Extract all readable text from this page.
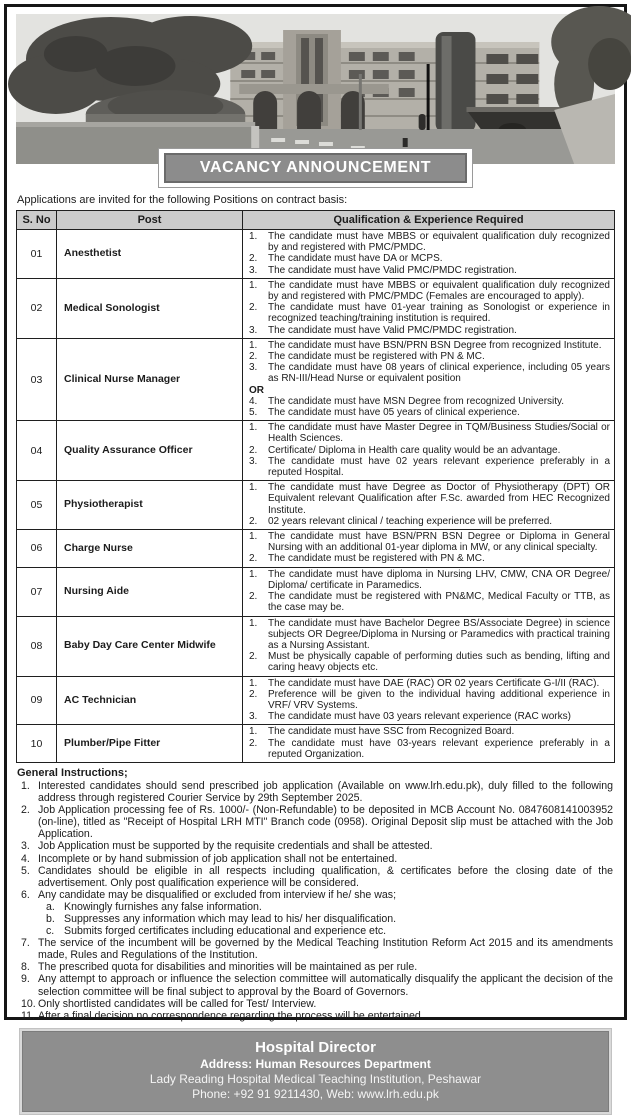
VACANCY ANNOUNCEMENT
Applications are invited for the following Positions on contract basis:
S. No	Post	Qualification & Experience Required
01	Anesthetist	
1.	The candidate must have MBBS or equivalent qualification duly recognized by and registered with PMC/PMDC.
2.	The candidate must have DA or MCPS.
3.	The candidate must have Valid PMC/PMDC registration.

02	Medical Sonologist	
1.	The candidate must have MBBS or equivalent qualification duly recognized by and registered with PMC/PMDC (Females are encouraged to apply).
2.	The candidate must have 01-year training as Sonologist or experience in recognized teaching/training institution is required.
3.	The candidate must have Valid PMC/PMDC registration.

03	Clinical Nurse Manager	
1.	The candidate must have BSN/PRN BSN Degree from recognized Institute.
2.	The candidate must be registered with PN & MC.
3.	The candidate must have 08 years of clinical experience, including 05 years as RN-III/Head Nurse or equivalent position
OR
4.	The candidate must have MSN Degree from recognized University.
5.	The candidate must have 05 years of clinical experience.

04	Quality Assurance Officer	
1.	The candidate must have Master Degree in TQM/Business Studies/Social or Health Sciences.
2.	Certificate/ Diploma in Health care quality would be an advantage.
3.	The candidate must have 02 years relevant experience preferably in a reputed Hospital.

05	Physiotherapist	1. The candidate must have Degree as Doctor of Physiotherapy (DPT) OR Equivalent relevant Qualification after F.Sc. awarded from HEC Recognized Institute.
2. 02 years relevant clinical / teaching experience will be preferred.

06	Charge Nurse	1. The candidate must have BSN/PRN BSN Degree or Diploma in General Nursing with an additional 01-year diploma in MW, or any clinical specialty.
2. The candidate must be registered with PN & MC.

07	Nursing Aide	1. The candidate must have diploma in Nursing LHV, CMW, CNA OR Degree/ Diploma/ certificate in Paramedics.
2. The candidate must be registered with PN&MC, Medical Faculty or TTB, as the case may be.

08	Baby Day Care Center Midwife	1. The candidate must have Bachelor Degree BS/Associate Degree) in science subjects OR Degree/Diploma in Nursing or Paramedics with practical training as a Nursing Assistant.
2. Must be physically capable of performing duties such as bending, lifting and caring heavy objects etc.

09	AC Technician	
1.	The candidate must have DAE (RAC) OR 02 years Certificate G-I/II (RAC).
2.	Preference will be given to the individual having additional experience in VRF/ VRV Systems.
3.	The candidate must have 03 years relevant experience (RAC works)

10	Plumber/Pipe Fitter	1. The candidate must have SSC from Recognized Board.
2. The candidate must have 03-years relevant experience preferably in a reputed Organization.
General Instructions;
1. Interested candidates should send prescribed job application (Available on www.lrh.edu.pk), duly filled to the following address through registered Courier Service by 29th September 2025.
2. Job Application processing fee of Rs. 1000/- (Non-Refundable) to be deposited in MCB Account No. 0847608141003952 (on-line), titled as "Receipt of Hospital LRH MTI" Branch code (0958). Original Deposit slip must be attached with the Job Application.
3. Job Application must be supported by the requisite credentials and shall be attested.
4. Incomplete or by hand submission of job application shall not be entertained.
5. Candidates should be eligible in all respects including qualification, & certificates before the closing date of the advertisement. Only post qualification experience will be considered.
6. Any candidate may be disqualified or excluded from interview if he/ she was;
a. Knowingly furnishes any false information.
b. Suppresses any information which may lead to his/ her disqualification.
c. Submits forged certificates including educational and experience etc.
7. The service of the incumbent will be governed by the Medical Teaching Institution Reform Act 2015 and its amendments made, Rules and Regulations of the Institution.
8. The prescribed quota for disabilities and minorities will be maintained as per rule.
9. Any attempt to approach or influence the selection committee will automatically disqualify the applicant the decision of the selection committee will be final subject to approval by the Board of Governors.
10. Only shortlisted candidates will be called for Test/ Interview.
11. After a final decision no correspondence regarding the process will be entertained.
Hospital Director
Address: Human Resources Department
Lady Reading Hospital Medical Teaching Institution, Peshawar
Phone: +92 91 9211430, Web: www.lrh.edu.pk
